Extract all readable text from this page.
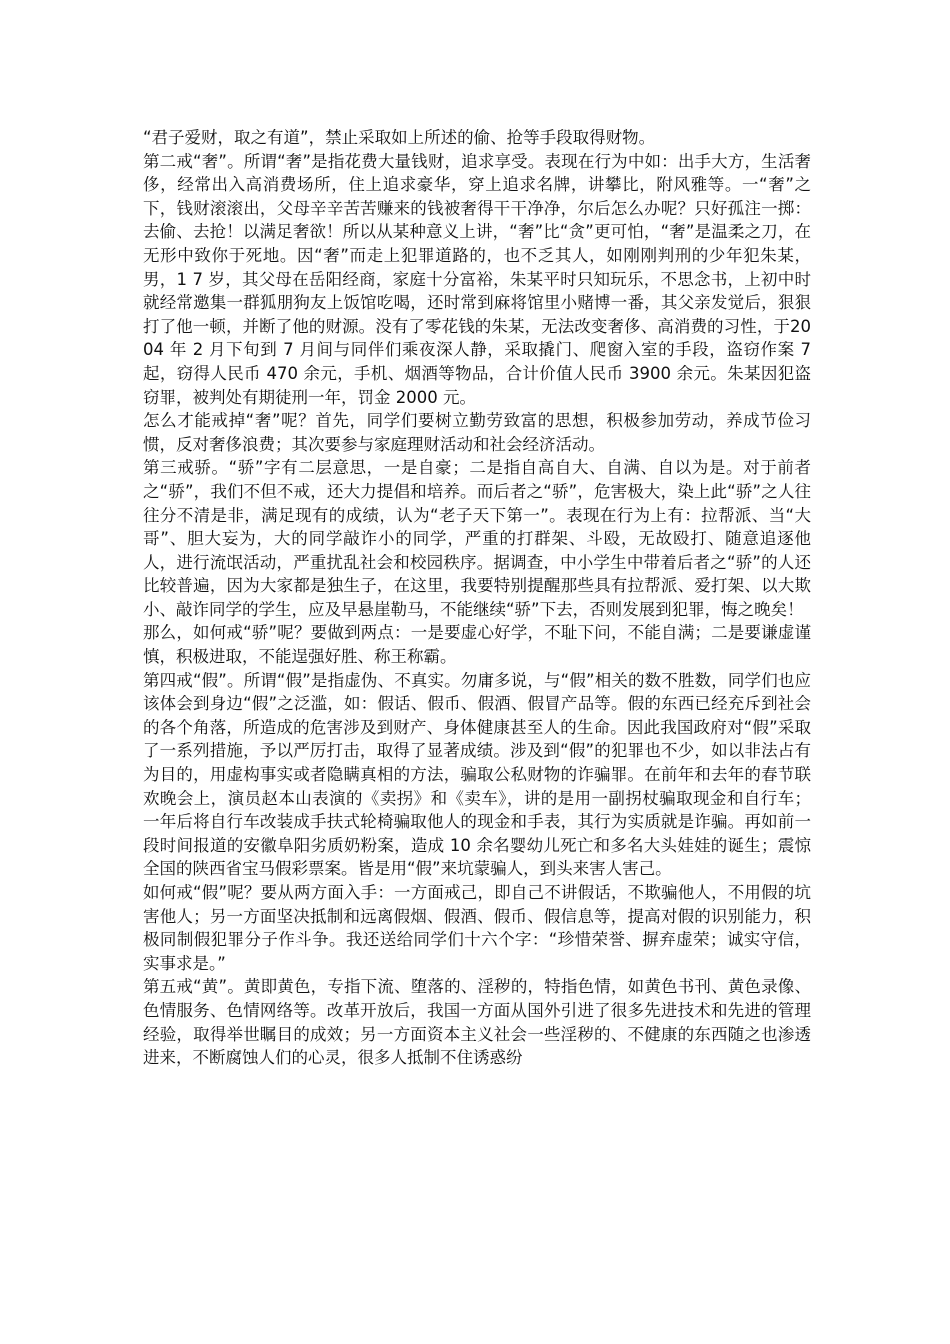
“君子爱财，取之有道”，禁止采取如上所述的偷、抢等手段取得财物。

第二戒“奢”。所谓“奢”是指花费大量钱财，追求享受。表现在行为中如：出手大方，生活奢侈，经常出入高消费场所，住上追求豪华，穿上追求名牌，讲攀比，附风雅等。一“奢”之下，钱财滚滚出，父母辛辛苦苦赚来的钱被奢得干干净净，尔后怎么办呢？只好孤注一掷：去偷、去抢！以满足奢欲！所以从某种意义上讲，“奢”比“贪”更可怕，“奢”是温柔之刀，在无形中致你于死地。因“奢”而走上犯罪道路的，也不乏其人，如刚刚判刑的少年犯朱某，男，1 7 岁，其父母在岳阳经商，家庭十分富裕，朱某平时只知玩乐，不思念书，上初中时就经常邀集一群狐朋狗友上饭馆吃喝，还时常到麻将馆里小赌博一番，其父亲发觉后，狠狠打了他一顿，并断了他的财源。没有了零花钱的朱某，无法改变奢侈、高消费的习性，于2004 年 2 月下旬到 7 月间与同伴们乘夜深人静，采取撬门、爬窗入室的手段，盗窃作案 7 起，窃得人民币 470 余元，手机、烟酒等物品，合计价值人民币 3900 余元。朱某因犯盗窃罪，被判处有期徒刑一年，罚金 2000 元。

怎么才能戒掉“奢”呢？首先，同学们要树立勤劳致富的思想，积极参加劳动，养成节俭习惯，反对奢侈浪费；其次要参与家庭理财活动和社会经济活动。

第三戒骄。“骄”字有二层意思，一是自豪；二是指自高自大、自满、自以为是。对于前者之“骄”，我们不但不戒，还大力提倡和培养。而后者之“骄”，危害极大，染上此“骄”之人往往分不清是非，满足现有的成绩，认为“老子天下第一”。表现在行为上有：拉帮派、当“大哥”、胆大妄为，大的同学敲诈小的同学，严重的打群架、斗殴，无故殴打、随意追逐他人，进行流氓活动，严重扰乱社会和校园秩序。据调查，中小学生中带着后者之“骄”的人还比较普遍，因为大家都是独生子，在这里，我要特别提醒那些具有拉帮派、爱打架、以大欺小、敲诈同学的学生，应及早悬崖勒马，不能继续“骄”下去，否则发展到犯罪，悔之晚矣！

那么，如何戒“骄”呢？要做到两点：一是要虚心好学，不耻下问，不能自满；二是要谦虚谨慎，积极进取，不能逞强好胜、称王称霸。

第四戒“假”。所谓“假”是指虚伪、不真实。勿庸多说，与“假”相关的数不胜数，同学们也应该体会到身边“假”之泛滥，如：假话、假币、假酒、假冒产品等。假的东西已经充斥到社会的各个角落，所造成的危害涉及到财产、身体健康甚至人的生命。因此我国政府对“假”采取了一系列措施，予以严厉打击，取得了显著成绩。涉及到“假”的犯罪也不少，如以非法占有为目的，用虚构事实或者隐瞒真相的方法，骗取公私财物的诈骗罪。在前年和去年的春节联欢晚会上，演员赵本山表演的《卖拐》和《卖车》，讲的是用一副拐杖骗取现金和自行车；一年后将自行车改装成手扶式轮椅骗取他人的现金和手表，其行为实质就是诈骗。再如前一段时间报道的安徽阜阳劣质奶粉案，造成 10 余名婴幼儿死亡和多名大头娃娃的诞生；震惊全国的陕西省宝马假彩票案。皆是用“假”来坑蒙骗人，到头来害人害己。

如何戒“假”呢？要从两方面入手：一方面戒己，即自己不讲假话，不欺骗他人，不用假的坑害他人；另一方面坚决抵制和远离假烟、假酒、假币、假信息等，提高对假的识别能力，积极同制假犯罪分子作斗争。我还送给同学们十六个字：“珍惜荣誉、摒弃虚荣；诚实守信，实事求是。”

第五戒“黄”。黄即黄色，专指下流、堕落的、淫秽的，特指色情，如黄色书刊、黄色录像、色情服务、色情网络等。改革开放后，我国一方面从国外引进了很多先进技术和先进的管理经验，取得举世瞩目的成效；另一方面资本主义社会一些淫秽的、不健康的东西随之也渗透进来，不断腐蚀人们的心灵，很多人抵制不住诱惑纷
